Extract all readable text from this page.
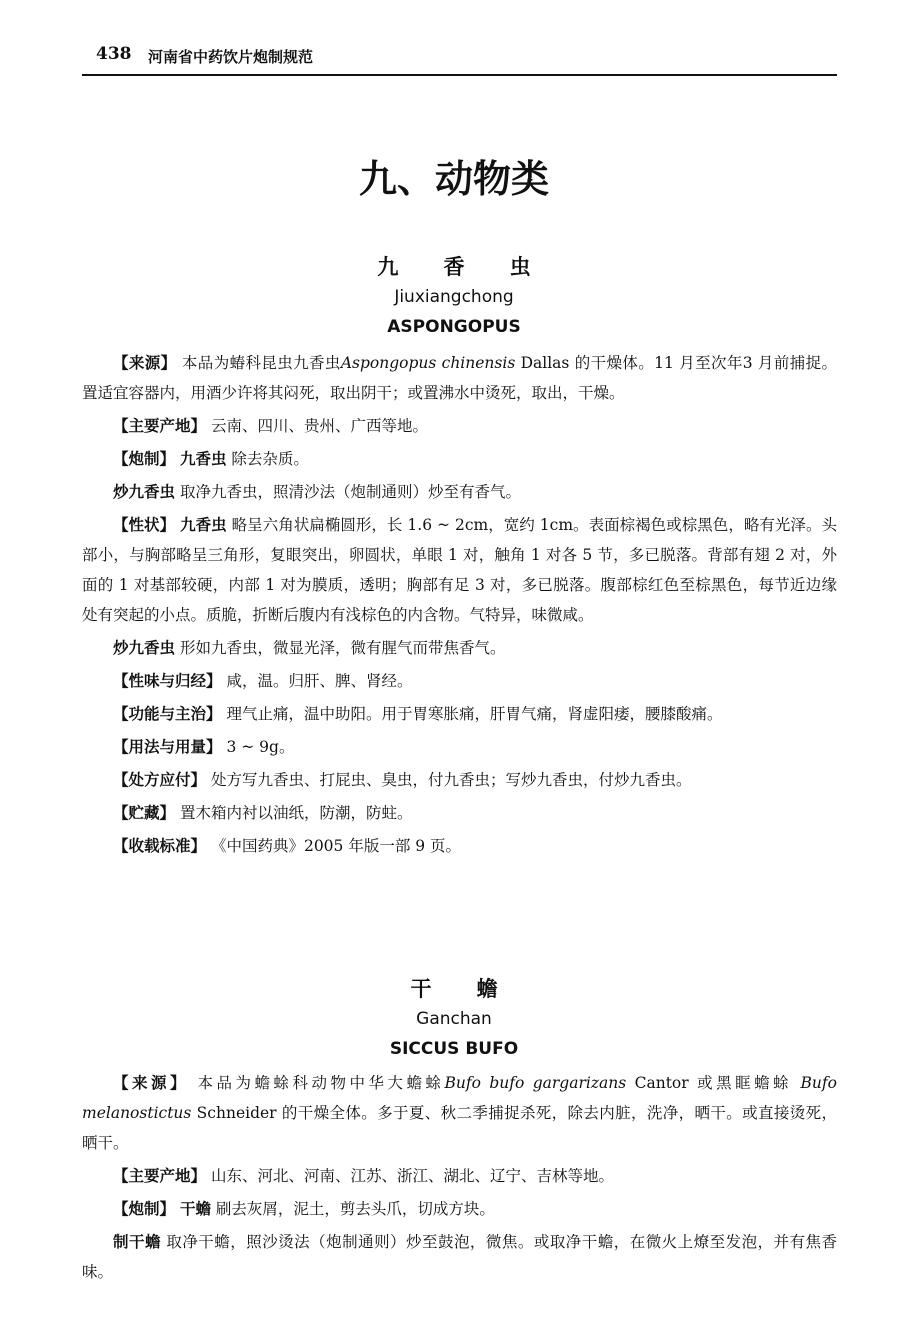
438 河南省中药饮片炮制规范
九、动物类
九 香 虫
Jiuxiangchong
ASPONGOPUS

【来源】 本品为蝽科昆虫九香虫Aspongopus chinensis Dallas 的干燥体。11 月至次年3 月前捕捉。置适宜容器内，用酒少许将其闷死，取出阴干；或置沸水中烫死，取出，干燥。

【主要产地】 云南、四川、贵州、广西等地。

【炮制】 九香虫 除去杂质。

炒九香虫 取净九香虫，照清沙法（炮制通则）炒至有香气。

【性状】 九香虫 略呈六角状扁椭圆形，长 1.6 ~ 2cm，宽约 1cm。表面棕褐色或棕黑色，略有光泽。头部小，与胸部略呈三角形，复眼突出，卵圆状，单眼 1 对，触角 1 对各 5 节，多已脱落。背部有翅 2 对，外面的 1 对基部较硬，内部 1 对为膜质，透明；胸部有足 3 对，多已脱落。腹部棕红色至棕黑色，每节近边缘处有突起的小点。质脆，折断后腹内有浅棕色的内含物。气特异，味微咸。

炒九香虫 形如九香虫，微显光泽，微有腥气而带焦香气。

【性味与归经】 咸，温。归肝、脾、肾经。

【功能与主治】 理气止痛，温中助阳。用于胃寒胀痛，肝胃气痛，肾虚阳痿，腰膝酸痛。

【用法与用量】 3 ~ 9g。

【处方应付】 处方写九香虫、打屁虫、臭虫，付九香虫；写炒九香虫，付炒九香虫。

【贮藏】 置木箱内衬以油纸，防潮，防蛀。

【收载标准】 《中国药典》2005 年版一部 9 页。

干 蟾
Ganchan
SICCUS BUFO

【来源】 本品为蟾蜍科动物中华大蟾蜍Bufo bufo gargarizans Cantor 或黑眶蟾蜍 Bufo melanostictus Schneider 的干燥全体。多于夏、秋二季捕捉杀死，除去内脏，洗净，晒干。或直接烫死，晒干。

【主要产地】 山东、河北、河南、江苏、浙江、湖北、辽宁、吉林等地。

【炮制】 干蟾 刷去灰屑，泥土，剪去头爪，切成方块。

制干蟾 取净干蟾，照沙烫法（炮制通则）炒至鼓泡，微焦。或取净干蟾，在微火上燎至发泡，并有焦香味。
